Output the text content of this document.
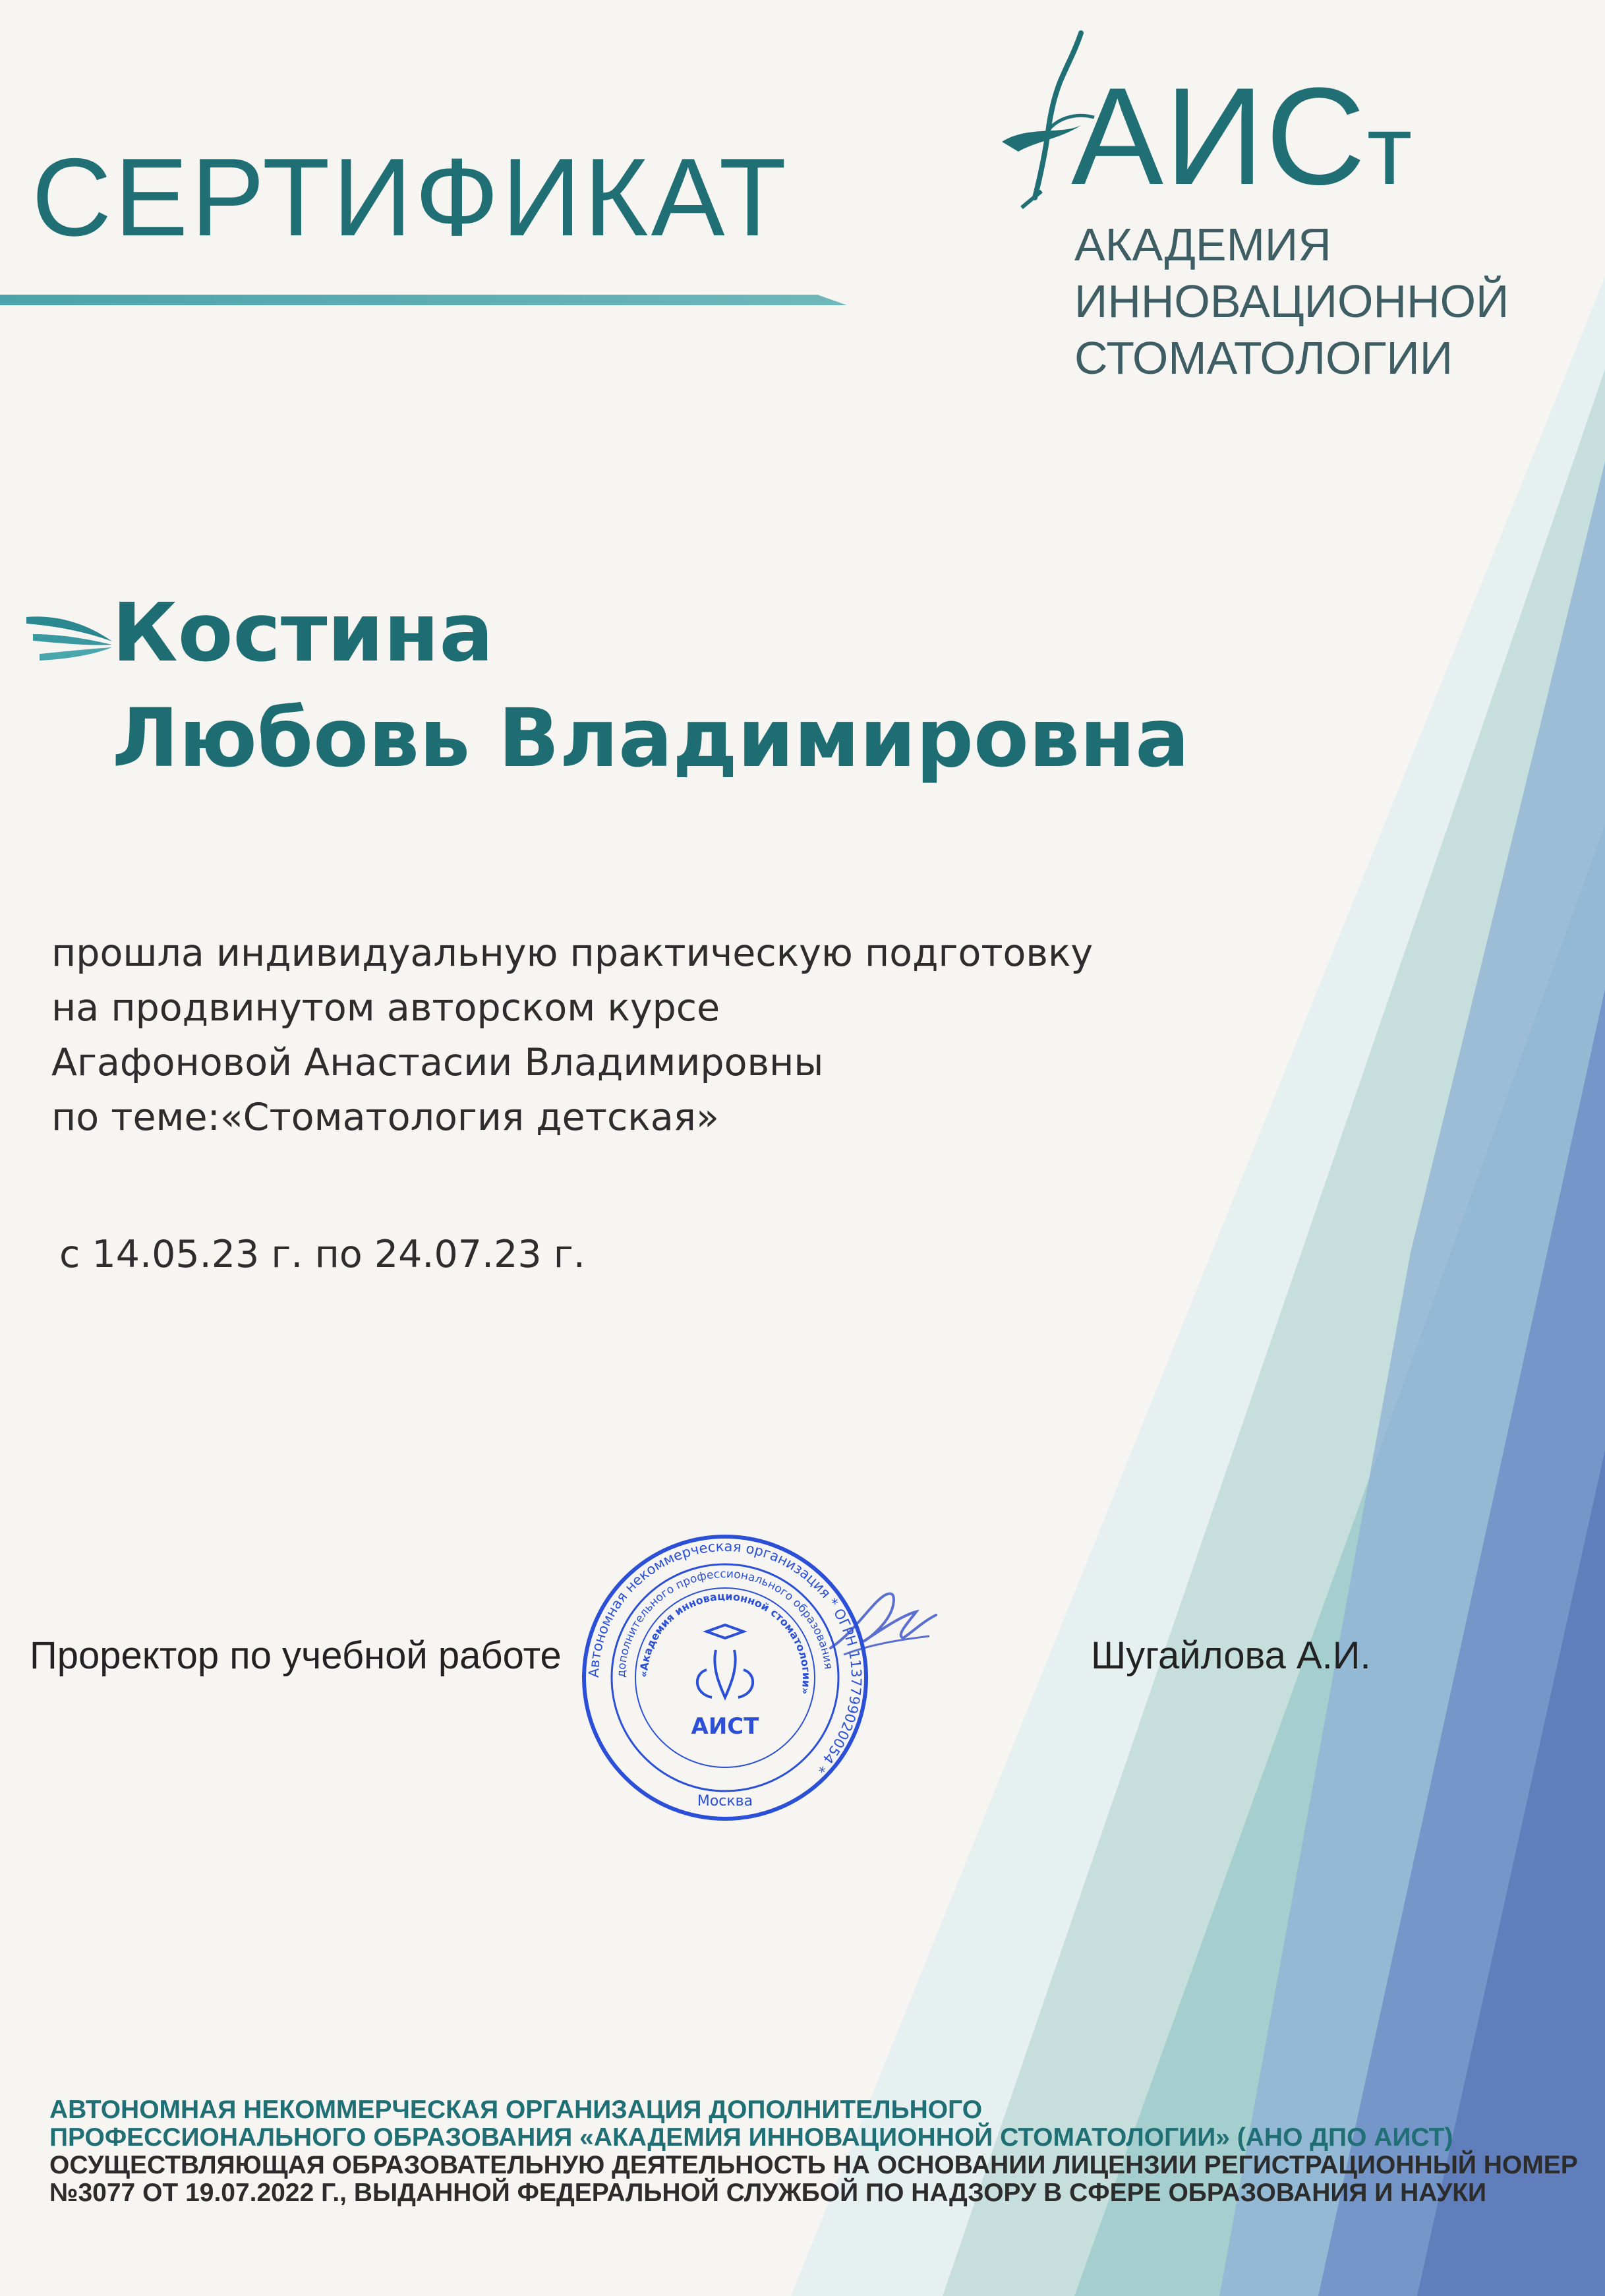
СЕРТИФИКАТ АИСт
АКАДЕМИЯ
ИННОВАЦИОННОЙ
СТОМАТОЛОГИИ
Костина
Любовь Владимировна
прошла индивидуальную практическую подготовку
на продвинутом авторском курсе
Агафоновой Анастасии Владимировны
по теме:«Стоматология детская»
с 14.05.23 г. по 24.07.23 г.
Проректор по учебной работе	Шугайлова А.И.
Автономная некоммерческая организация * ОГРН 1137799020054 *
дополнительного профессионального образования
«Академия инновационной стоматологии»
АИСТ
Москва
АВТОНОМНАЯ НЕКОММЕРЧЕСКАЯ ОРГАНИЗАЦИЯ ДОПОЛНИТЕЛЬНОГО
ПРОФЕССИОНАЛЬНОГО ОБРАЗОВАНИЯ «АКАДЕМИЯ ИННОВАЦИОННОЙ СТОМАТОЛОГИИ» (АНО ДПО АИСТ)
ОСУЩЕСТВЛЯЮЩАЯ ОБРАЗОВАТЕЛЬНУЮ ДЕЯТЕЛЬНОСТЬ НА ОСНОВАНИИ ЛИЦЕНЗИИ РЕГИСТРАЦИОННЫЙ НОМЕР
№3077 ОТ 19.07.2022 Г., ВЫДАННОЙ ФЕДЕРАЛЬНОЙ СЛУЖБОЙ ПО НАДЗОРУ В СФЕРЕ ОБРАЗОВАНИЯ И НАУКИ
